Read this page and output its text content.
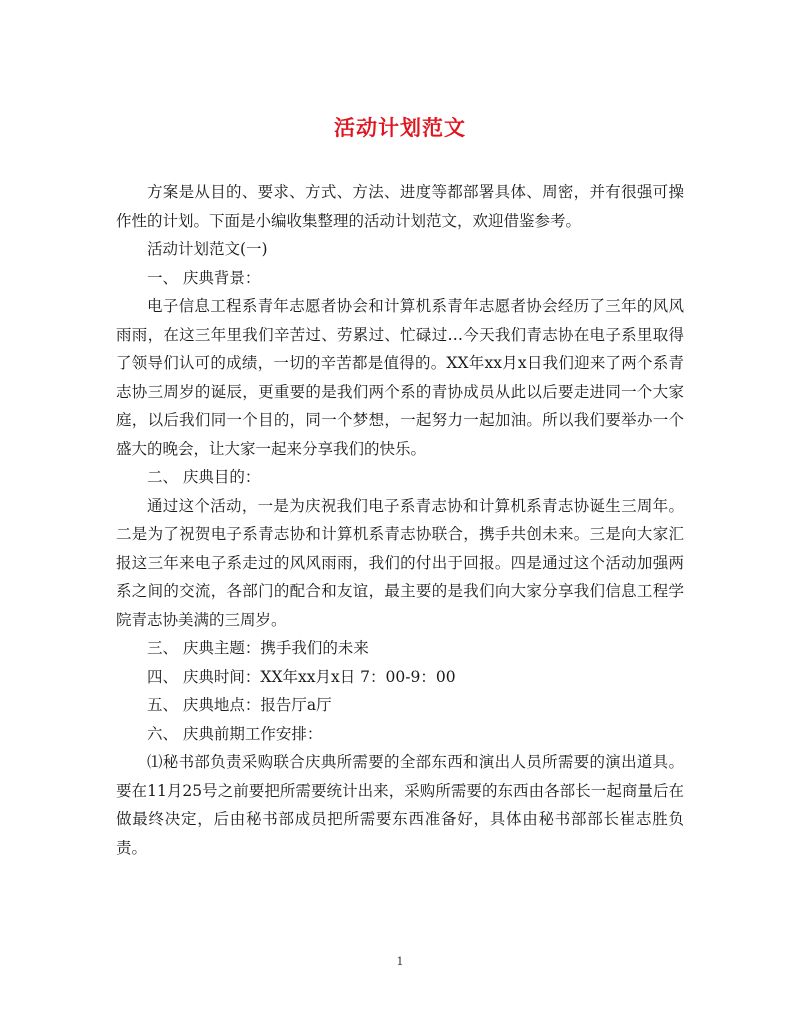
活动计划范文

方案是从目的、要求、方式、方法、进度等都部署具体、周密，并有很强可操作性的计划。下面是小编收集整理的活动计划范文，欢迎借鉴参考。

活动计划范文(一)

一、 庆典背景：

电子信息工程系青年志愿者协会和计算机系青年志愿者协会经历了三年的风风雨雨，在这三年里我们辛苦过、劳累过、忙碌过…今天我们青志协在电子系里取得了领导们认可的成绩，一切的辛苦都是值得的。XX年xx月x日我们迎来了两个系青志协三周岁的诞辰，更重要的是我们两个系的青协成员从此以后要走进同一个大家庭，以后我们同一个目的，同一个梦想，一起努力一起加油。所以我们要举办一个盛大的晚会，让大家一起来分享我们的快乐。

二、 庆典目的：

通过这个活动，一是为庆祝我们电子系青志协和计算机系青志协诞生三周年。二是为了祝贺电子系青志协和计算机系青志协联合，携手共创未来。三是向大家汇报这三年来电子系走过的风风雨雨，我们的付出于回报。四是通过这个活动加强两系之间的交流，各部门的配合和友谊，最主要的是我们向大家分享我们信息工程学院青志协美满的三周岁。

三、 庆典主题：携手我们的未来

四、 庆典时间：XX年xx月x日 7：00-9：00

五、 庆典地点：报告厅a厅

六、 庆典前期工作安排：

⑴秘书部负责采购联合庆典所需要的全部东西和演出人员所需要的演出道具。要在11月25号之前要把所需要统计出来，采购所需要的东西由各部长一起商量后在做最终决定，后由秘书部成员把所需要东西准备好，具体由秘书部部长崔志胜负责。

1
